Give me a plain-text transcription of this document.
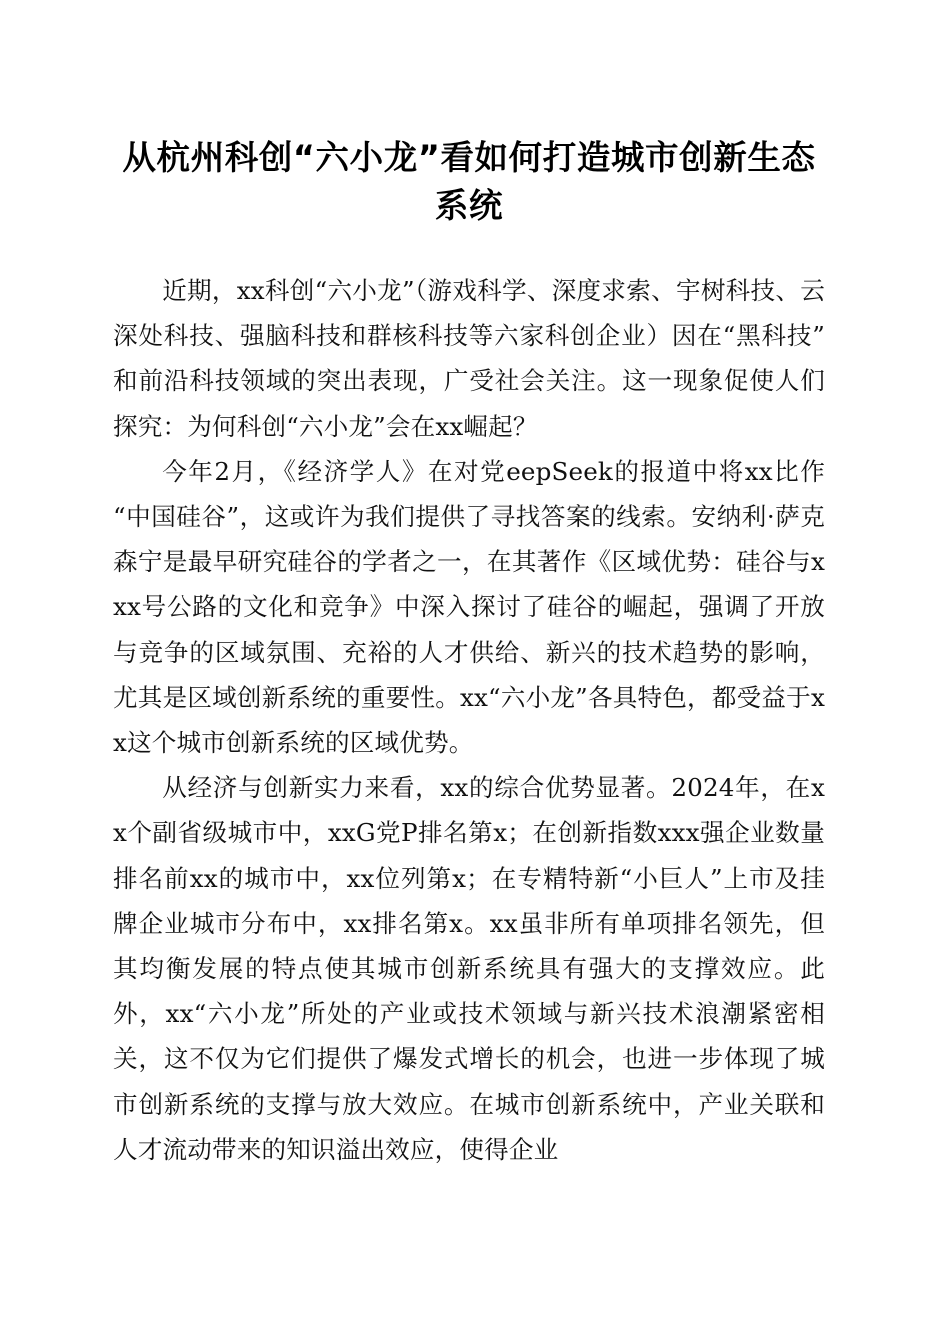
从杭州科创“六小龙”看如何打造城市创新生态系统

近期，xx科创“六小龙”（游戏科学、深度求索、宇树科技、云深处科技、强脑科技和群核科技等六家科创企业）因在“黑科技”和前沿科技领域的突出表现，广受社会关注。这一现象促使人们探究：为何科创“六小龙”会在xx崛起？

今年2月，《经济学人》在对党eepSeek的报道中将xx比作“中国硅谷”，这或许为我们提供了寻找答案的线索。安纳利·萨克森宁是最早研究硅谷的学者之一，在其著作《区域优势：硅谷与xxx号公路的文化和竞争》中深入探讨了硅谷的崛起，强调了开放与竞争的区域氛围、充裕的人才供给、新兴的技术趋势的影响，尤其是区域创新系统的重要性。xx“六小龙”各具特色，都受益于xx这个城市创新系统的区域优势。

从经济与创新实力来看，xx的综合优势显著。2024年，在xx个副省级城市中，xxG党P排名第x；在创新指数xxx强企业数量排名前xx的城市中，xx位列第x；在专精特新“小巨人”上市及挂牌企业城市分布中，xx排名第x。xx虽非所有单项排名领先，但其均衡发展的特点使其城市创新系统具有强大的支撑效应。此外，xx“六小龙”所处的产业或技术领域与新兴技术浪潮紧密相关，这不仅为它们提供了爆发式增长的机会，也进一步体现了城市创新系统的支撑与放大效应。在城市创新系统中，产业关联和人才流动带来的知识溢出效应，使得企业
